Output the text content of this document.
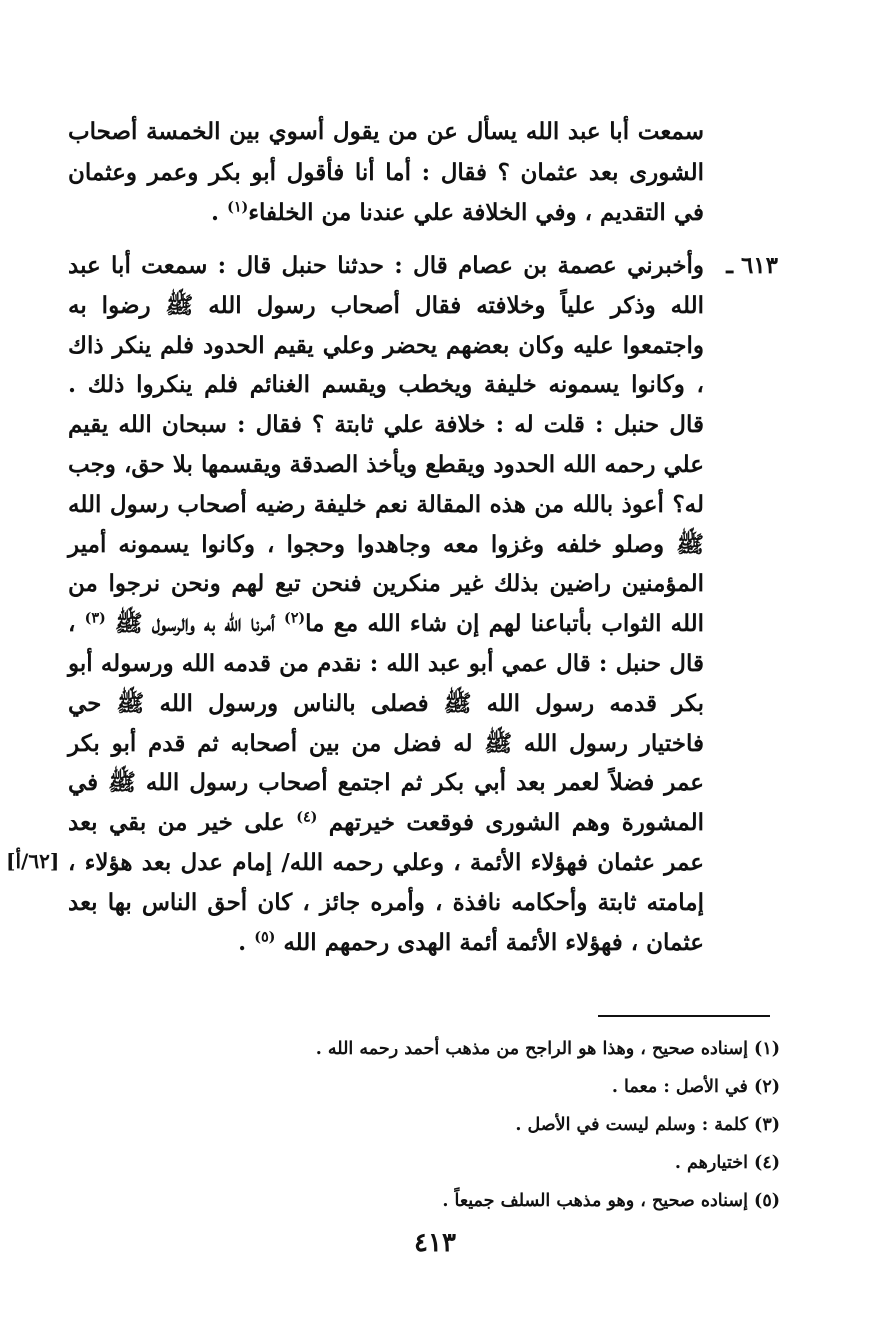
سمعت أبا عبد الله يسأل عن من يقول أسوي بين الخمسة أصحاب الشورى بعد عثمان ؟ فقال : أما أنا فأقول أبو بكر وعمر وعثمان في التقديم ، وفي الخلافة علي عندنا من الخلفاء$^{(١)}$ .
٦١٣ ـ
وأخبرني عصمة بن عصام قال : حدثنا حنبل قال : سمعت أبا عبد الله وذكر علياً وخلافته فقال أصحاب رسول الله ﷺ رضوا به واجتمعوا عليه وكان بعضهم يحضر وعلي يقيم الحدود فلم ينكر ذاك ، وكانوا يسمونه خليفة ويخطب ويقسم الغنائم فلم ينكروا ذلك . قال حنبل : قلت له : خلافة علي ثابتة ؟ فقال : سبحان الله يقيم علي رحمه الله الحدود ويقطع ويأخذ الصدقة ويقسمها بلا حق، وجب له؟ أعوذ بالله من هذه المقالة نعم خليفة رضيه أصحاب رسول الله ﷺ وصلو خلفه وغزوا معه وجاهدوا وحجوا ، وكانوا يسمونه أمير المؤمنين راضين بذلك غير منكرين فنحن تبع لهم ونحن نرجوا من الله الثواب بأتباعنا لهم إن شاء الله مع ما$^{(٢)}$ أمرنا الله به والرسول ﷺ $^{(٣)}$ ، قال حنبل : قال عمي أبو عبد الله : نقدم من قدمه الله ورسوله أبو بكر قدمه رسول الله ﷺ فصلى بالناس ورسول الله ﷺ حي فاختيار رسول الله ﷺ له فضل من بين أصحابه ثم قدم أبو بكر عمر فضلاً لعمر بعد أبي بكر ثم اجتمع أصحاب رسول الله ﷺ في المشورة وهم الشورى فوقعت خيرتهم $^{(٤)}$ على خير من بقي بعد عمر عثمان فهؤلاء الأئمة ، وعلي رحمه الله/ إمام عدل بعد هؤلاء ، إمامته ثابتة وأحكامه نافذة ، وأمره جائز ، كان أحق الناس بها بعد عثمان ، فهؤلاء الأئمة أئمة الهدى رحمهم الله $^{(٥)}$ .
[٦٢/أ]
(١) إسناده صحيح ، وهذا هو الراجح من مذهب أحمد رحمه الله .
(٢) في الأصل : معما .
(٣) كلمة : وسلم ليست في الأصل .
(٤) اختيارهم .
(٥) إسناده صحيح ، وهو مذهب السلف جميعاً .
٤١٣
